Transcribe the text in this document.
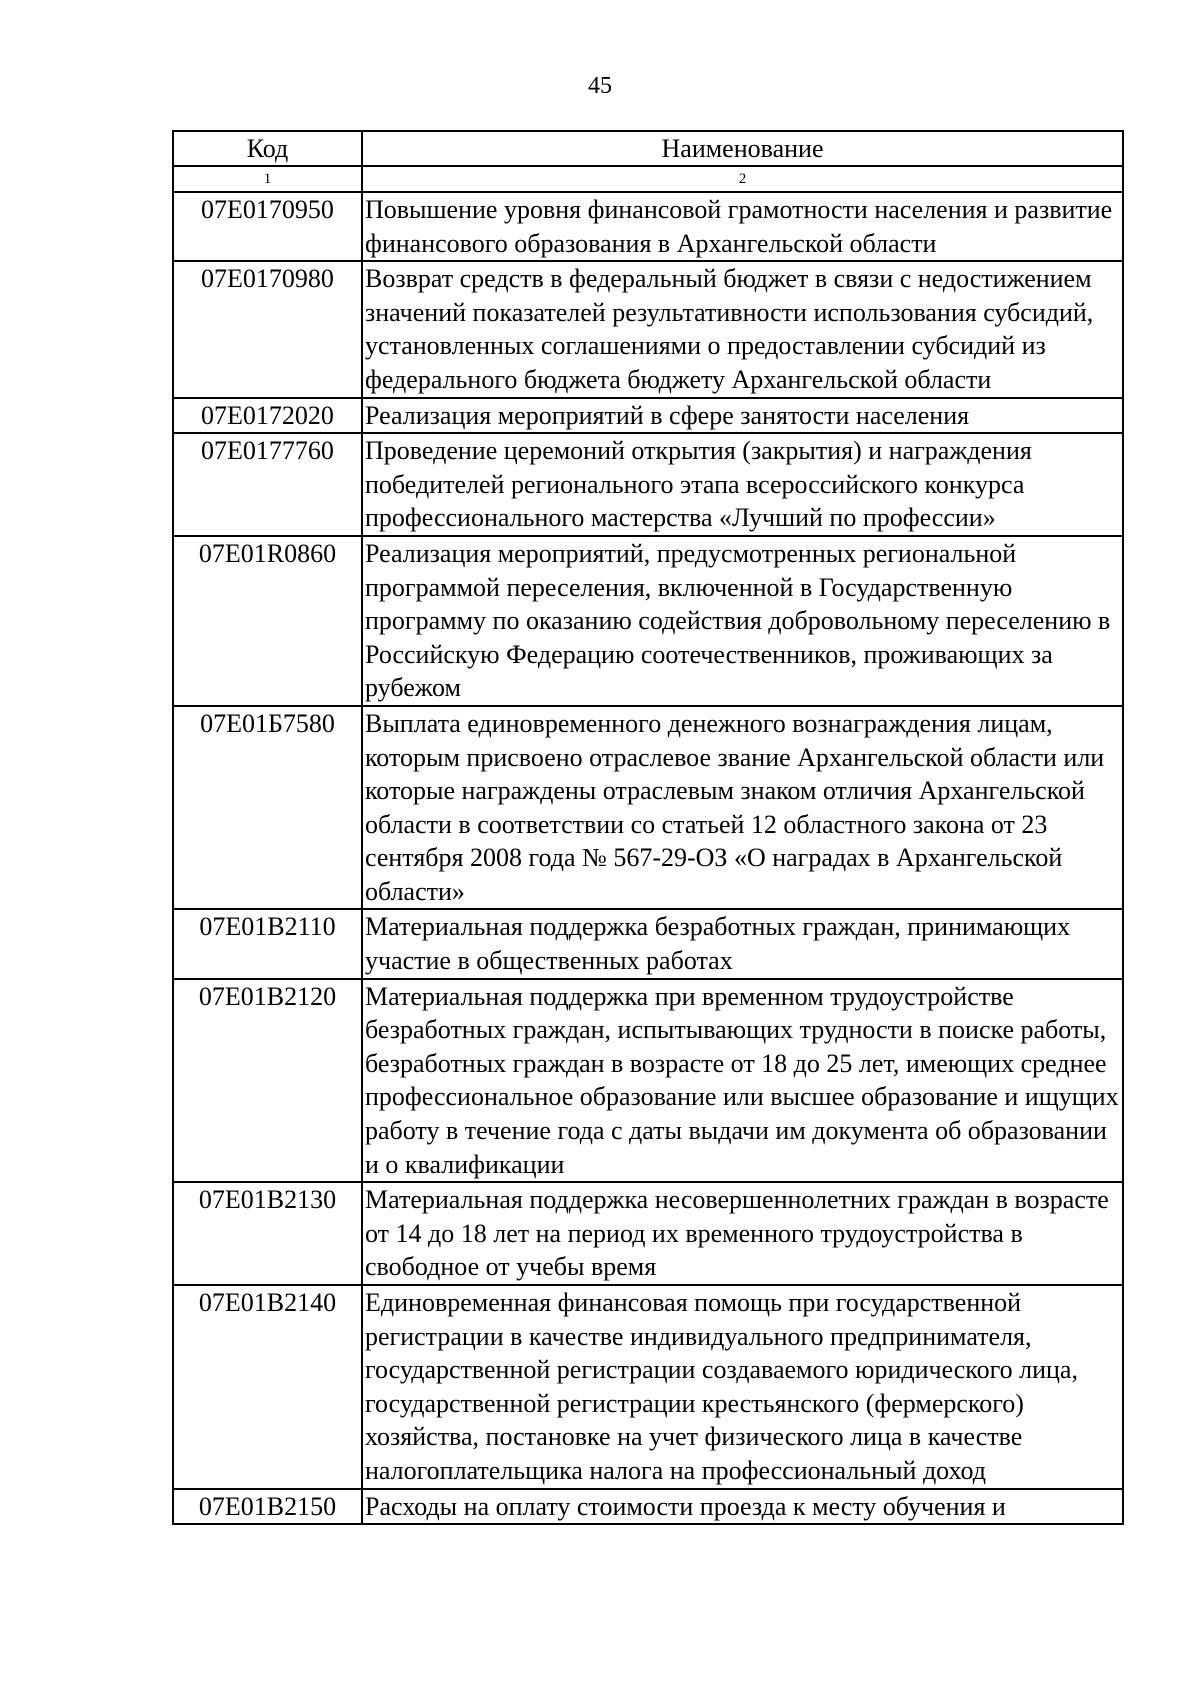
45
Код	Наименование
1	2
07Е0170950	Повышение уровня финансовой грамотности населения и развитие финансового образования в Архангельской области
07Е0170980	Возврат средств в федеральный бюджет в связи с недостижением значений показателей результативности использования субсидий, установленных соглашениями о предоставлении субсидий из федерального бюджета бюджету Архангельской области
07Е0172020	Реализация мероприятий в сфере занятости населения
07Е0177760	Проведение церемоний открытия (закрытия) и награждения победителей регионального этапа всероссийского конкурса профессионального мастерства «Лучший по профессии»
07Е01R0860	Реализация мероприятий, предусмотренных региональной программой переселения, включенной в Государственную программу по оказанию содействия добровольному переселению в Российскую Федерацию соотечественников, проживающих за рубежом
07Е01Б7580	Выплата единовременного денежного вознаграждения лицам, которым присвоено отраслевое звание Архангельской области или которые награждены отраслевым знаком отличия Архангельской области в соответствии со статьей 12 областного закона от 23 сентября 2008 года № 567-29-ОЗ «О наградах в Архангельской области»
07Е01В2110	Материальная поддержка безработных граждан, принимающих участие в общественных работах
07Е01В2120	Материальная поддержка при временном трудоустройстве безработных граждан, испытывающих трудности в поиске работы, безработных граждан в возрасте от 18 до 25 лет, имеющих среднее профессиональное образование или высшее образование и ищущих работу в течение года с даты выдачи им документа об образовании и о квалификации
07Е01В2130	Материальная поддержка несовершеннолетних граждан в возрасте от 14 до 18 лет на период их временного трудоустройства в свободное от учебы время
07Е01В2140	Единовременная финансовая помощь при государственной регистрации в качестве индивидуального предпринимателя, государственной регистрации создаваемого юридического лица, государственной регистрации крестьянского (фермерского) хозяйства, постановке на учет физического лица в качестве налогоплательщика налога на профессиональный доход
07Е01В2150	Расходы на оплату стоимости проезда к месту обучения и
